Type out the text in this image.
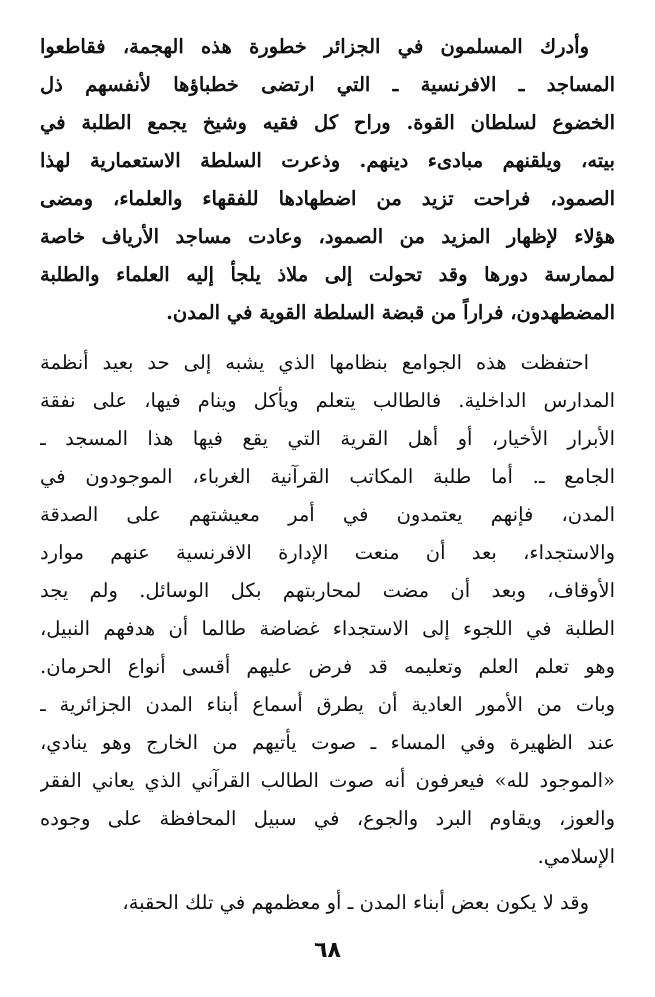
وأدرك المسلمون في الجزائر خطورة هذه الهجمة، فقاطعوا
المساجد ـ الافرنسية ـ التي ارتضى خطباؤها لأنفسهم ذل
الخضوع لسلطان القوة. وراح كل فقيه وشيخ يجمع الطلبة في
بيته، ويلقنهم مبادىء دينهم. وذعرت السلطة الاستعمارية لهذا
الصمود، فراحت تزيد من اضطهادها للفقهاء والعلماء، ومضى
هؤلاء لإظهار المزيد من الصمود، وعادت مساجد الأرياف خاصة
لممارسة دورها وقد تحولت إلى ملاذ يلجأ إليه العلماء والطلبة
المضطهدون، فراراً من قبضة السلطة القوية في المدن.
احتفظت هذه الجوامع بنظامها الذي يشبه إلى حد بعيد أنظمة
المدارس الداخلية. فالطالب يتعلم ويأكل وينام فيها، على نفقة
الأبرار الأخيار، أو أهل القرية التي يقع فيها هذا المسجد ـ
الجامع ـ. أما طلبة المكاتب القرآنية الغرباء، الموجودون في
المدن، فإنهم يعتمدون في أمر معيشتهم على الصدقة
والاستجداء، بعد أن منعت الإدارة الافرنسية عنهم موارد
الأوقاف، وبعد أن مضت لمحاربتهم بكل الوسائل. ولم يجد
الطلبة في اللجوء إلى الاستجداء غضاضة طالما أن هدفهم النبيل،
وهو تعلم العلم وتعليمه قد فرض عليهم أقسى أنواع الحرمان.
وبات من الأمور العادية أن يطرق أسماع أبناء المدن الجزائرية ـ
عند الظهيرة وفي المساء ـ صوت يأتيهم من الخارج وهو ينادي،
«الموجود لله» فيعرفون أنه صوت الطالب القرآني الذي يعاني الفقر
والعوز، ويقاوم البرد والجوع، في سبيل المحافظة على وجوده
الإسلامي.
وقد لا يكون بعض أبناء المدن ـ أو معظمهم في تلك الحقبة،
٦٨
